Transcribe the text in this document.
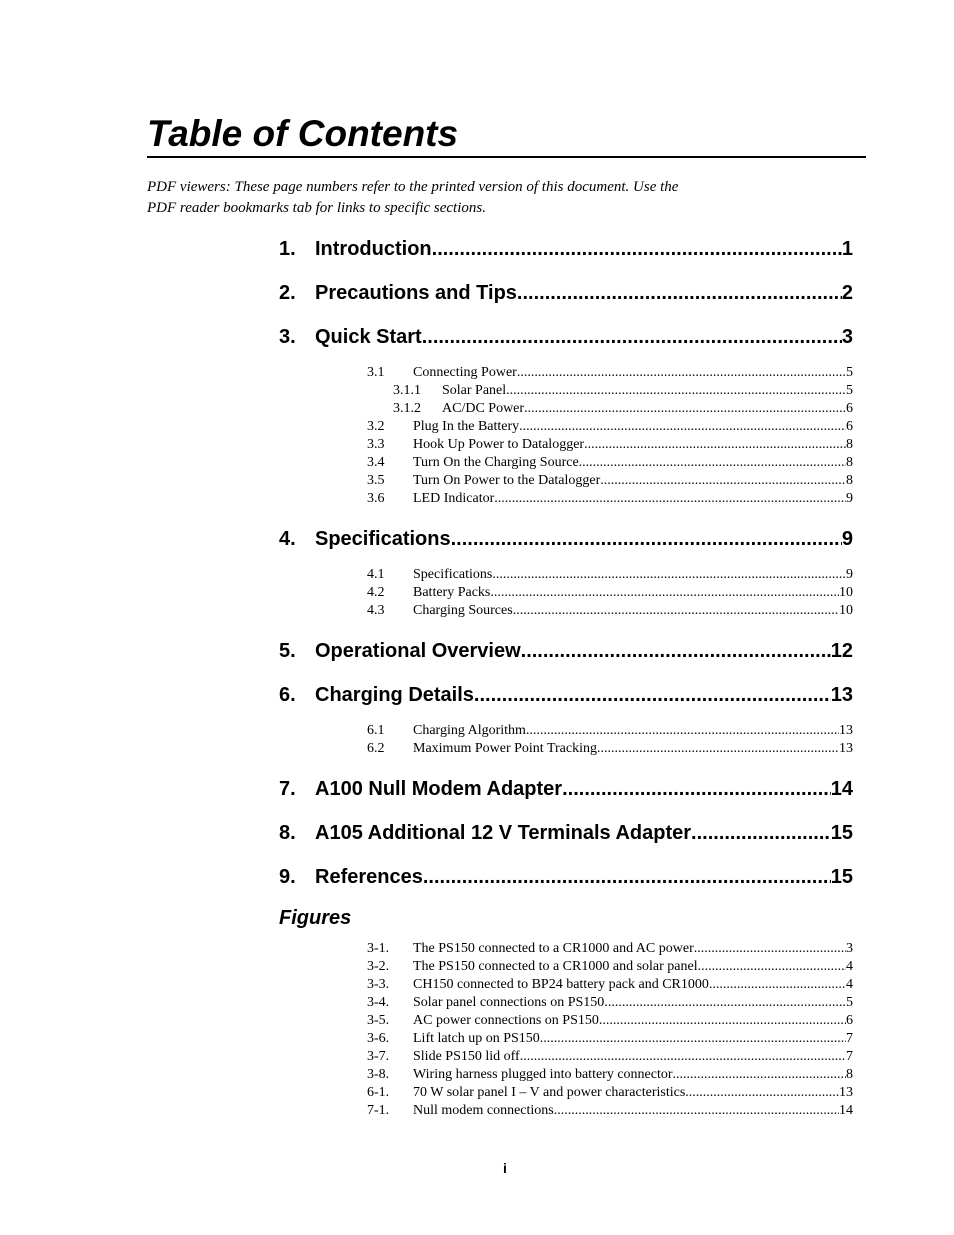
Table of Contents
PDF viewers: These page numbers refer to the printed version of this document. Use the
PDF reader bookmarks tab for links to specific sections.
1. Introduction .....	1
2. Precautions and Tips .....	2
3. Quick Start .....	3
3.1	Connecting Power .....	5
3.1.1	Solar Panel .....	5
3.1.2	AC/DC Power .....	6
3.2	Plug In the Battery .....	6
3.3	Hook Up Power to Datalogger .....	8
3.4	Turn On the Charging Source .....	8
3.5	Turn On Power to the Datalogger .....	8
3.6	LED Indicator .....	9
4. Specifications .....	9
4.1	Specifications .....	9
4.2	Battery Packs .....	10
4.3	Charging Sources .....	10
5. Operational Overview .....	12
6. Charging Details .....	13
6.1	Charging Algorithm .....	13
6.2	Maximum Power Point Tracking .....	13
7. A100 Null Modem Adapter .....	14
8. A105 Additional 12 V Terminals Adapter .....	15
9. References .....	15
Figures
3-1.	The PS150 connected to a CR1000 and AC power .....	3
3-2.	The PS150 connected to a CR1000 and solar panel .....	4
3-3.	CH150 connected to BP24 battery pack and CR1000 .....	4
3-4.	Solar panel connections on PS150 .....	5
3-5.	AC power connections on PS150 .....	6
3-6.	Lift latch up on PS150 .....	7
3-7.	Slide PS150 lid off .....	7
3-8.	Wiring harness plugged into battery connector .....	8
6-1.	70 W solar panel I – V and power characteristics .....	13
7-1.	Null modem connections .....	14
i
